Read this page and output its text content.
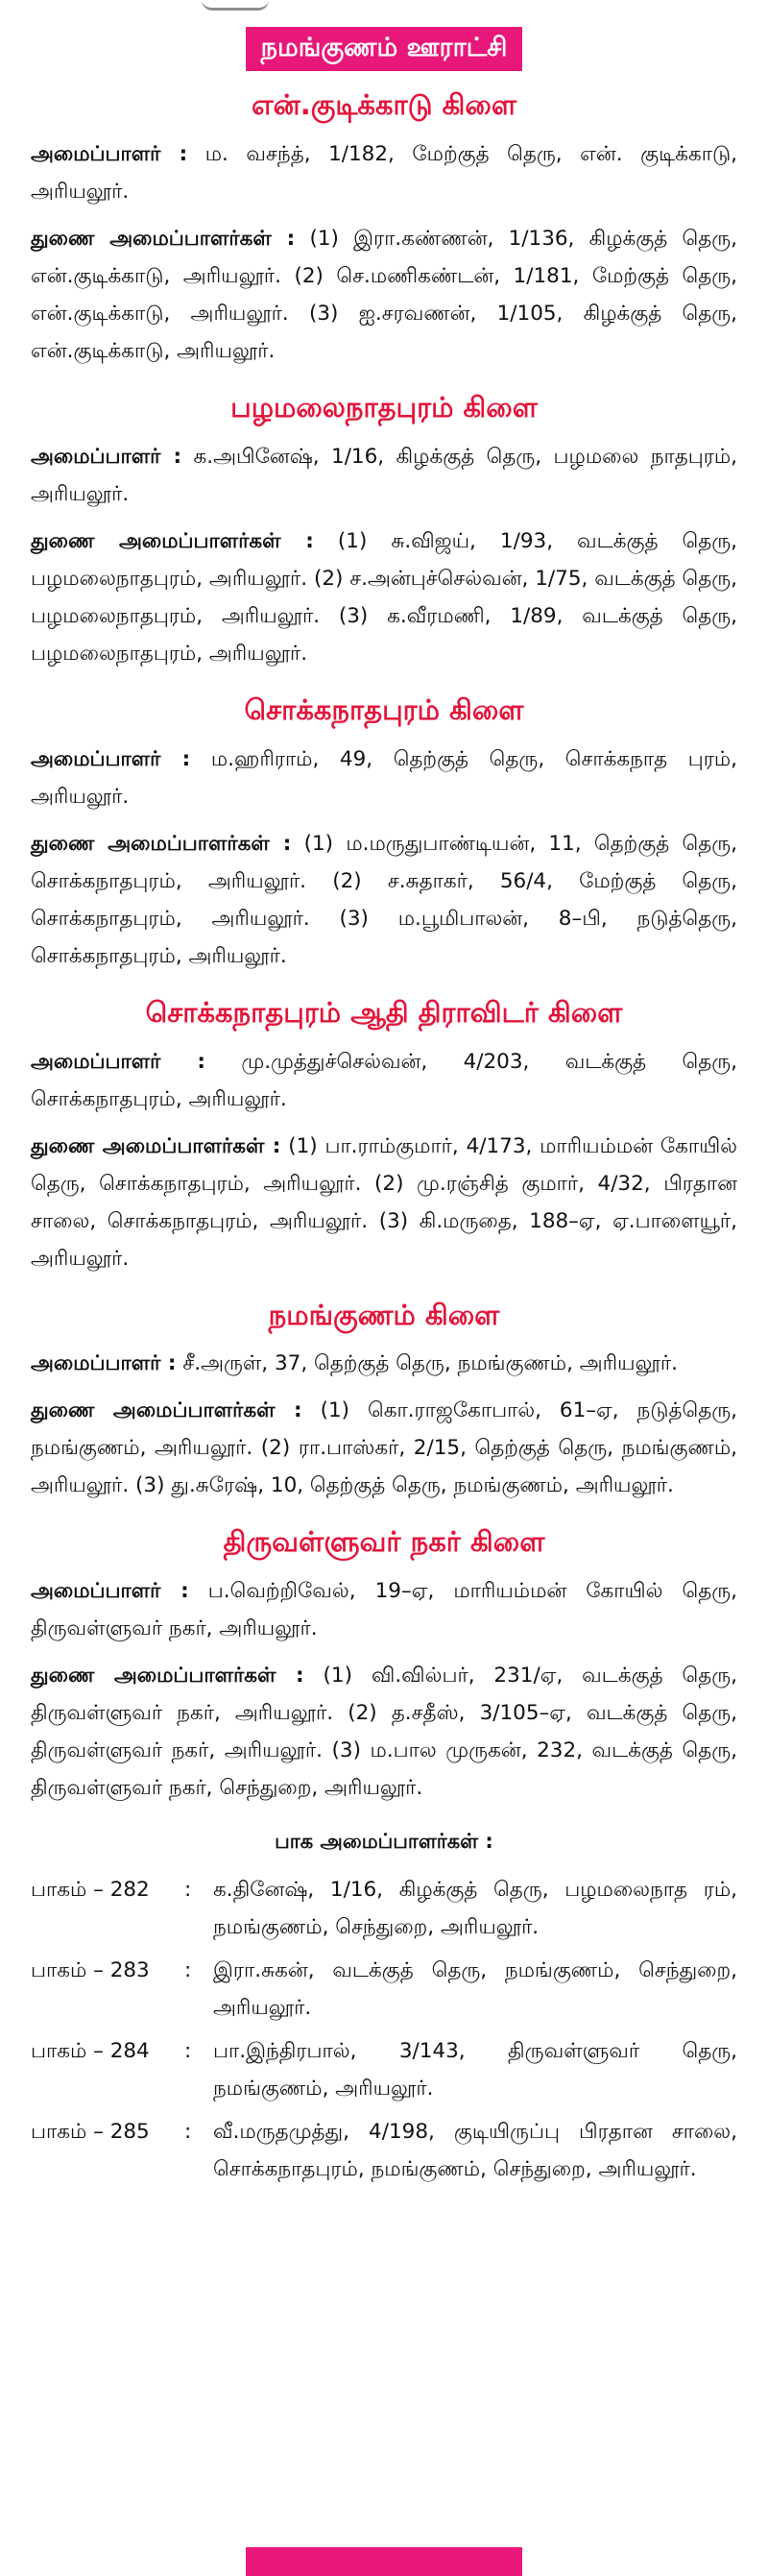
நமங்குணம் ஊராட்சி
என்.குடிக்காடு கிளை

அமைப்பாளர் : ம. வசந்த், 1/182, மேற்குத் தெரு, என். குடிக்காடு, அரியலூர்.

துணை அமைப்பாளர்கள் : (1) இரா.கண்ணன், 1/136, கிழக்குத் தெரு, என்.குடிக்காடு, அரியலூர். (2) செ.மணிகண்டன், 1/181, மேற்குத் தெரு, என்.குடிக்காடு, அரியலூர். (3) ஐ.சரவணன், 1/105, கிழக்குத் தெரு, என்.குடிக்காடு, அரியலூர்.

பழமலைநாதபுரம் கிளை

அமைப்பாளர் : க.அபினேஷ், 1/16, கிழக்குத் தெரு, பழமலை நாதபுரம், அரியலூர்.

துணை அமைப்பாளர்கள் : (1) சு.விஜய், 1/93, வடக்குத் தெரு, பழமலைநாதபுரம், அரியலூர். (2) ச.அன்புச்செல்வன், 1/75, வடக்குத் தெரு, பழமலைநாதபுரம், அரியலூர். (3) க.வீரமணி, 1/89, வடக்குத் தெரு, பழமலைநாதபுரம், அரியலூர்.

சொக்கநாதபுரம் கிளை

அமைப்பாளர் : ம.ஹரிராம், 49, தெற்குத் தெரு, சொக்கநாத புரம், அரியலூர்.

துணை அமைப்பாளர்கள் : (1) ம.மருதுபாண்டியன், 11, தெற்குத் தெரு, சொக்கநாதபுரம், அரியலூர். (2) ச.சுதாகர், 56/4, மேற்குத் தெரு, சொக்கநாதபுரம், அரியலூர். (3) ம.பூமிபாலன், 8–பி, நடுத்தெரு, சொக்கநாதபுரம், அரியலூர்.

சொக்கநாதபுரம் ஆதி திராவிடர் கிளை

அமைப்பாளர் : மு.முத்துச்செல்வன், 4/203, வடக்குத் தெரு, சொக்கநாதபுரம், அரியலூர்.

துணை அமைப்பாளர்கள் : (1) பா.ராம்குமார், 4/173, மாரியம்மன் கோயில் தெரு, சொக்கநாதபுரம், அரியலூர். (2) மு.ரஞ்சித் குமார், 4/32, பிரதான சாலை, சொக்கநாதபுரம், அரியலூர். (3) கி.மருதை, 188–ஏ, ஏ.பாளையூர், அரியலூர்.

நமங்குணம் கிளை

அமைப்பாளர் : சீ.அருள், 37, தெற்குத் தெரு, நமங்குணம், அரியலூர்.

துணை அமைப்பாளர்கள் : (1) கொ.ராஜகோபால், 61–ஏ, நடுத்தெரு, நமங்குணம், அரியலூர். (2) ரா.பாஸ்கர், 2/15, தெற்குத் தெரு, நமங்குணம், அரியலூர். (3) து.சுரேஷ், 10, தெற்குத் தெரு, நமங்குணம், அரியலூர்.

திருவள்ளுவர் நகர் கிளை

அமைப்பாளர் : ப.வெற்றிவேல், 19–ஏ, மாரியம்மன் கோயில் தெரு, திருவள்ளுவர் நகர், அரியலூர்.

துணை அமைப்பாளர்கள் : (1) வி.வில்பர், 231/ஏ, வடக்குத் தெரு, திருவள்ளுவர் நகர், அரியலூர். (2) த.சதீஸ், 3/105–ஏ, வடக்குத் தெரு, திருவள்ளுவர் நகர், அரியலூர். (3) ம.பால முருகன், 232, வடக்குத் தெரு, திருவள்ளுவர் நகர், செந்துறை, அரியலூர்.

பாக அமைப்பாளர்கள் :
பாகம் – 282	:	க.தினேஷ், 1/16, கிழக்குத் தெரு, பழமலைநாத ரம், நமங்குணம், செந்துறை, அரியலூர்.
பாகம் – 283	:	இரா.சுகன், வடக்குத் தெரு, நமங்குணம், செந்துறை, அரியலூர்.
பாகம் – 284	:	பா.இந்திரபால், 3/143, திருவள்ளுவர் தெரு, நமங்குணம், அரியலூர்.
பாகம் – 285	:	வீ.மருதமுத்து, 4/198, குடியிருப்பு பிரதான சாலை, சொக்கநாதபுரம், நமங்குணம், செந்துறை, அரியலூர்.
